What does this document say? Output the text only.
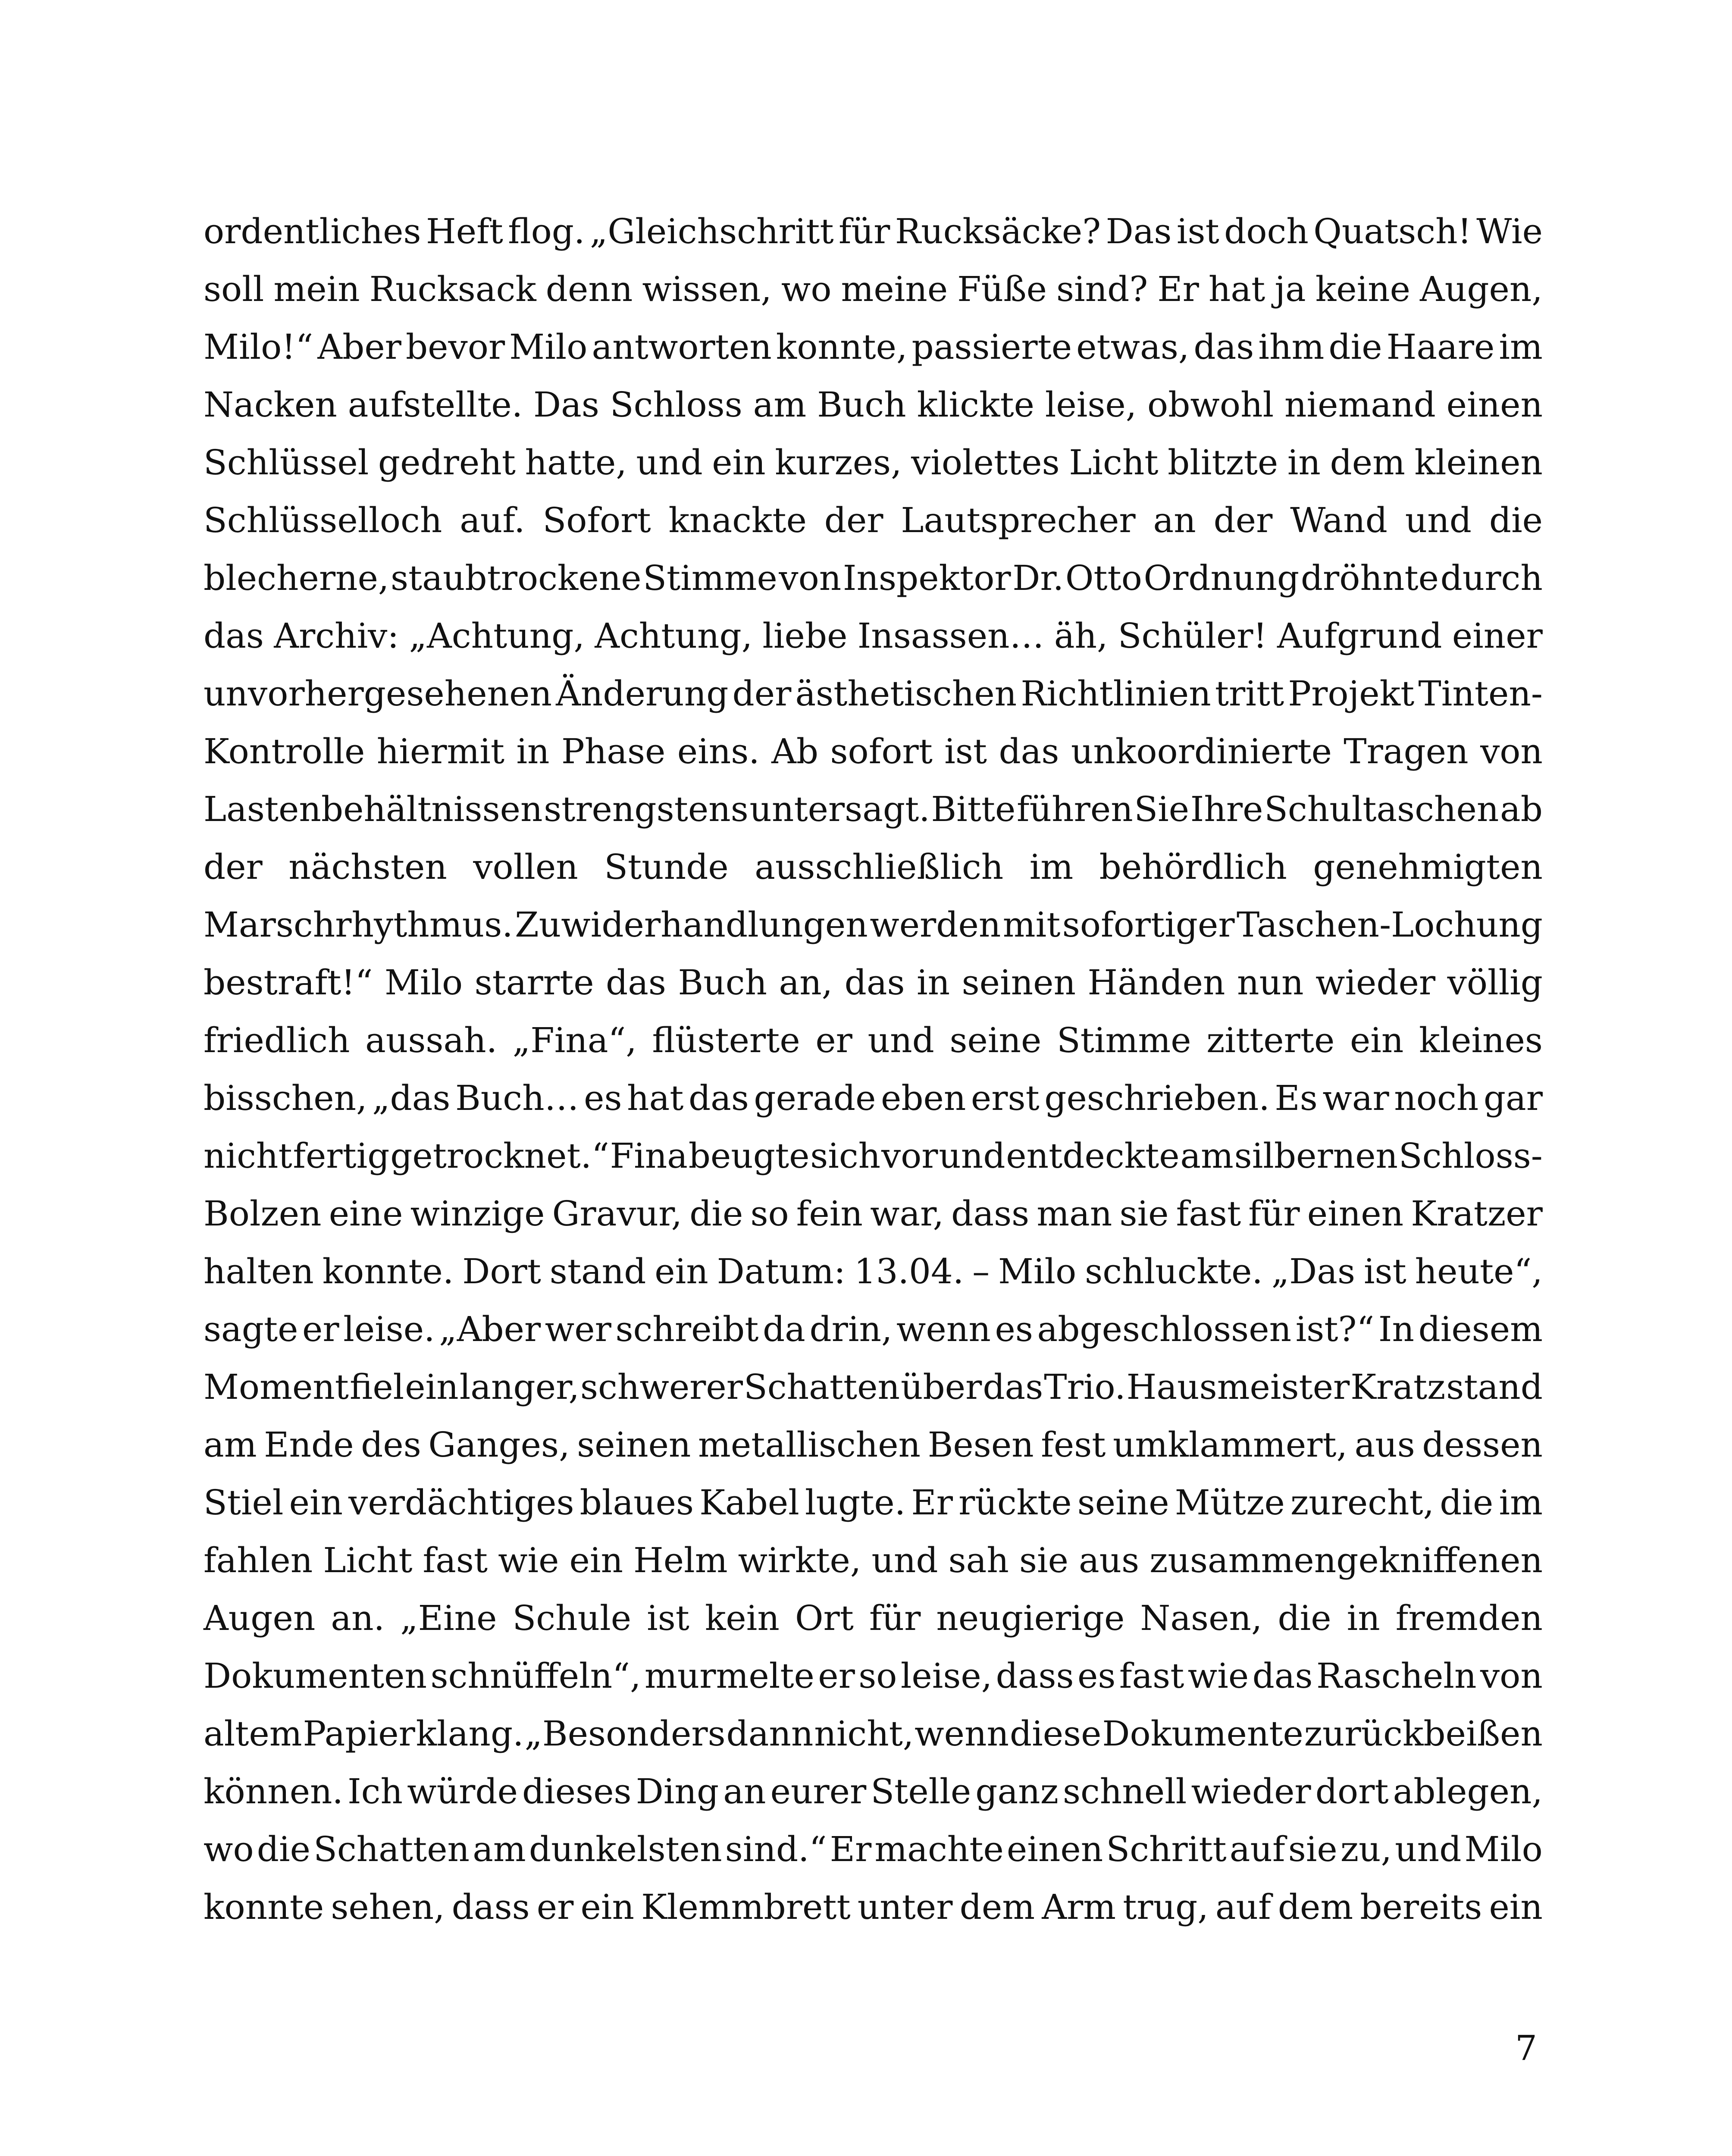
ordentliches Heft flog. „Gleichschritt für Rucksäcke? Das ist doch Quatsch! Wie
soll mein Rucksack denn wissen, wo meine Füße sind? Er hat ja keine Augen,
Milo!“ Aber bevor Milo antworten konnte, passierte etwas, das ihm die Haare im
Nacken aufstellte. Das Schloss am Buch klickte leise, obwohl niemand einen
Schlüssel gedreht hatte, und ein kurzes, violettes Licht blitzte in dem kleinen
Schlüsselloch auf. Sofort knackte der Lautsprecher an der Wand und die
blecherne, staubtrockene Stimme von Inspektor Dr. Otto Ordnung dröhnte durch
das Archiv: „Achtung, Achtung, liebe Insassen… äh, Schüler! Aufgrund einer
unvorhergesehenen Änderung der ästhetischen Richtlinien tritt Projekt Tinten-
Kontrolle hiermit in Phase eins. Ab sofort ist das unkoordinierte Tragen von
Lastenbehältnissen strengstens untersagt. Bitte führen Sie Ihre Schultaschen ab
der nächsten vollen Stunde ausschließlich im behördlich genehmigten
Marschrhythmus. Zuwiderhandlungen werden mit sofortiger Taschen-Lochung
bestraft!“ Milo starrte das Buch an, das in seinen Händen nun wieder völlig
friedlich aussah. „Fina“, flüsterte er und seine Stimme zitterte ein kleines
bisschen, „das Buch… es hat das gerade eben erst geschrieben. Es war noch gar
nicht fertig getrocknet.“ Fina beugte sich vor und entdeckte am silbernen Schloss-
Bolzen eine winzige Gravur, die so fein war, dass man sie fast für einen Kratzer
halten konnte. Dort stand ein Datum: 13.04. – Milo schluckte. „Das ist heute“,
sagte er leise. „Aber wer schreibt da drin, wenn es abgeschlossen ist?“ In diesem
Moment fiel ein langer, schwerer Schatten über das Trio. Hausmeister Kratz stand
am Ende des Ganges, seinen metallischen Besen fest umklammert, aus dessen
Stiel ein verdächtiges blaues Kabel lugte. Er rückte seine Mütze zurecht, die im
fahlen Licht fast wie ein Helm wirkte, und sah sie aus zusammengekniffenen
Augen an. „Eine Schule ist kein Ort für neugierige Nasen, die in fremden
Dokumenten schnüffeln“, murmelte er so leise, dass es fast wie das Rascheln von
altem Papier klang. „Besonders dann nicht, wenn diese Dokumente zurückbeißen
können. Ich würde dieses Ding an eurer Stelle ganz schnell wieder dort ablegen,
wo die Schatten am dunkelsten sind.“ Er machte einen Schritt auf sie zu, und Milo
konnte sehen, dass er ein Klemmbrett unter dem Arm trug, auf dem bereits ein
7
